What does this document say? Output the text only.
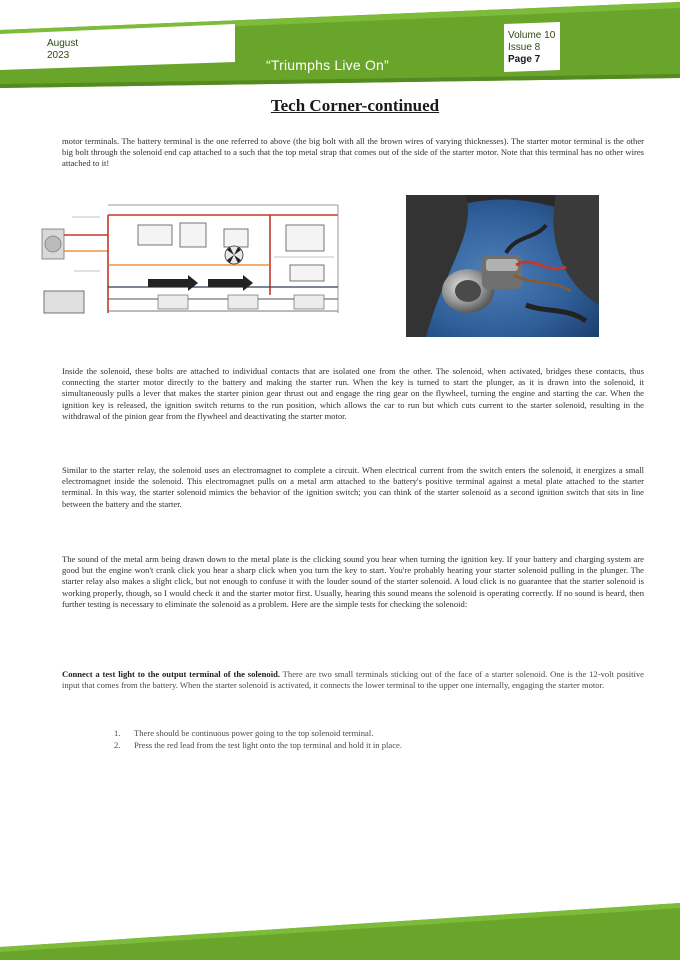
August
2023
“Triumphs Live On”
Volume 10
Issue 8
Page 7
Tech Corner-continued

motor terminals. The battery terminal is the one referred to above (the big bolt with all the brown wires of varying thicknesses). The starter motor terminal is the other big bolt through the solenoid end cap attached to a such that the top metal strap that comes out of the side of the starter motor. Note that this terminal has no other wires attached to it!

Inside the solenoid, these bolts are attached to individual contacts that are isolated one from the other. The solenoid, when activated, bridges these contacts, thus connecting the starter motor directly to the battery and making the starter run. When the key is turned to start the plunger, as it is drawn into the solenoid, it simultaneously pulls a lever that makes the starter pinion gear thrust out and engage the ring gear on the flywheel, turning the engine and starting the car. When the ignition key is released, the ignition switch returns to the run position, which allows the car to run but which cuts current to the starter solenoid, resulting in the withdrawal of the pinion gear from the flywheel and deactivating the starter motor.

Similar to the starter relay, the solenoid uses an electromagnet to complete a circuit. When electrical current from the switch enters the solenoid, it energizes a small electromagnet inside the solenoid. This electromagnet pulls on a metal arm attached to the battery's positive terminal against a metal plate attached to the starter terminal. In this way, the starter solenoid mimics the behavior of the ignition switch; you can think of the starter solenoid as a second ignition switch that sits in line between the battery and the starter.

The sound of the metal arm being drawn down to the metal plate is the clicking sound you hear when turning the ignition key. If your battery and charging system are good but the engine won't crank click you hear a sharp click when you turn the key to start. You're probably hearing your starter solenoid pulling in the plunger. The starter relay also makes a slight click, but not enough to confuse it with the louder sound of the starter solenoid. A loud click is no guarantee that the starter solenoid is working properly, though, so I would check it and the starter motor first. Usually, hearing this sound means the solenoid is operating correctly. If no sound is heard, then further testing is necessary to eliminate the solenoid as a problem. Here are the simple tests for checking the solenoid:

Connect a test light to the output terminal of the solenoid. There are two small terminals sticking out of the face of a starter solenoid. One is the 12-volt positive input that comes from the battery. When the starter solenoid is activated, it connects the lower terminal to the upper one internally, engaging the starter motor.

1. There should be continuous power going to the top solenoid terminal.
2. Press the red lead from the test light onto the top terminal and hold it in place.
